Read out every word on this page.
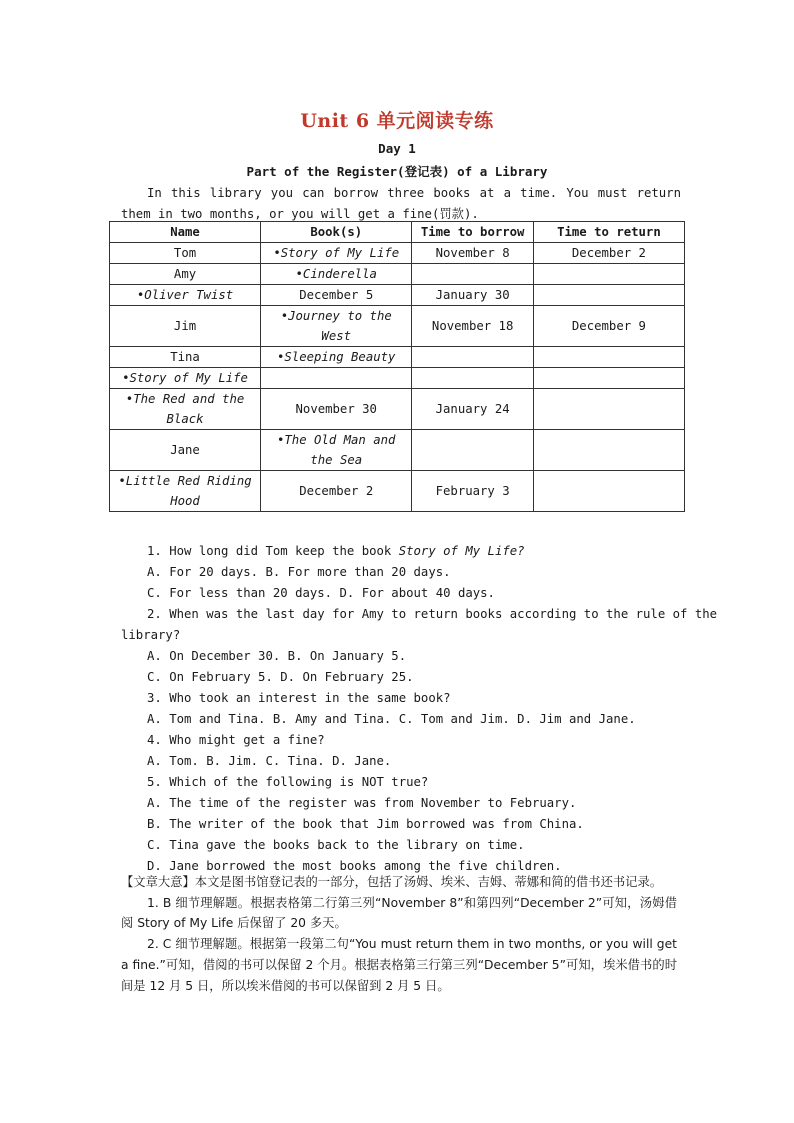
Unit 6 单元阅读专练
Day 1
Part of the Register(登记表) of a Library
In this library you can borrow three books at a time. You must return them in two months, or you will get a fine(罚款).
Name	Book(s)	Time to borrow	Time to return
Tom	•Story of My Life	November 8	December 2
Amy	•Cinderella		
•Oliver Twist	December 5	January 30	
Jim	•Journey to the West	November 18	December 9
Tina	•Sleeping Beauty		
•Story of My Life			
•The Red and the Black	November 30	January 24	
Jane	•The Old Man and the Sea		
•Little Red Riding Hood	December 2	February 3	
1. How long did Tom keep the book Story of My Life?
A. For 20 days. B. For more than 20 days.
C. For less than 20 days. D. For about 40 days.
2. When was the last day for Amy to return books according to the rule of the
library?
A. On December 30. B. On January 5.
C. On February 5. D. On February 25.
3. Who took an interest in the same book?
A. Tom and Tina. B. Amy and Tina. C. Tom and Jim. D. Jim and Jane.
4. Who might get a fine?
A. Tom. B. Jim. C. Tina. D. Jane.
5. Which of the following is NOT true?
A. The time of the register was from November to February.
B. The writer of the book that Jim borrowed was from China.
C. Tina gave the books back to the library on time.
D. Jane borrowed the most books among the five children.

【文章大意】本文是图书馆登记表的一部分，包括了汤姆、埃米、吉姆、蒂娜和简的借书还书记录。

1. B 细节理解题。根据表格第二行第三列“November 8”和第四列“December 2”可知，汤姆借阅 Story of My Life 后保留了 20 多天。

2. C 细节理解题。根据第一段第二句“You must return them in two months, or you will get a fine.”可知，借阅的书可以保留 2 个月。根据表格第三行第三列“December 5”可知，埃米借书的时间是 12 月 5 日，所以埃米借阅的书可以保留到 2 月 5 日。
